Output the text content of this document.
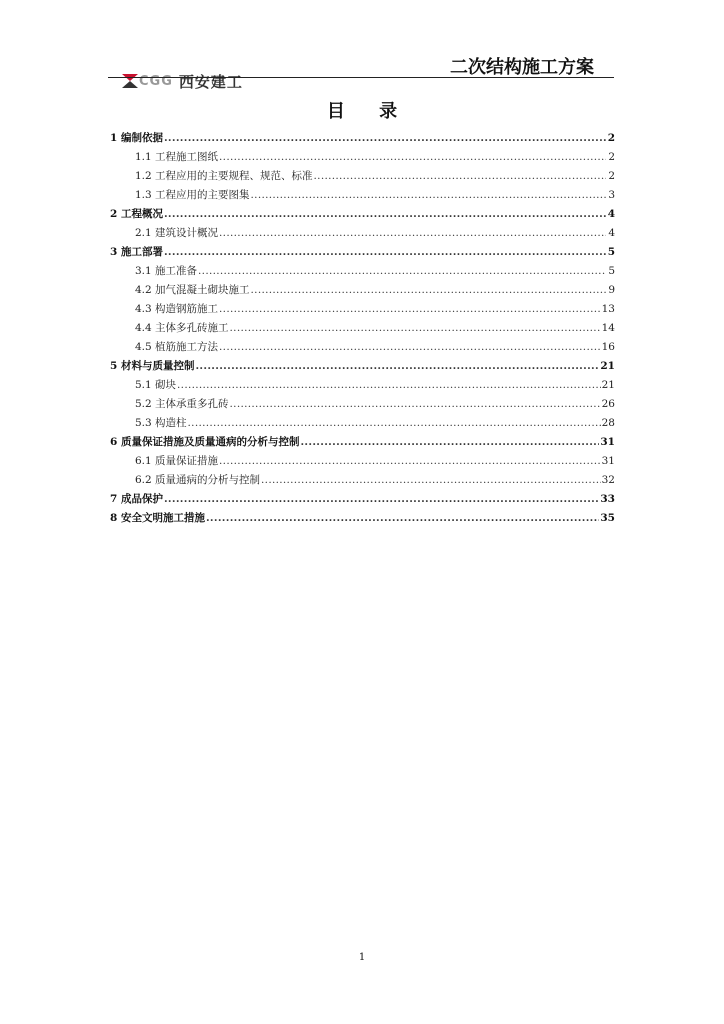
CGG 西安建工
二次结构施工方案
目 录
1 编制依据 .....	2
1.1 工程施工图纸 .....	2
1.2 工程应用的主要规程、规范、标准 .....	2
1.3 工程应用的主要图集 .....	3
2 工程概况 .....	4
2.1 建筑设计概况 .....	4
3 施工部署 .....	5
3.1 施工准备 .....	5
4.2 加气混凝土砌块施工 .....	9
4.3 构造钢筋施工 .....	13
4.4 主体多孔砖施工 .....	14
4.5 植筋施工方法 .....	16
5 材料与质量控制 .....	21
5.1 砌块 .....	21
5.2 主体承重多孔砖 .....	26
5.3 构造柱 .....	28
6 质量保证措施及质量通病的分析与控制 .....	31
6.1 质量保证措施 .....	31
6.2 质量通病的分析与控制 .....	32
7 成品保护 .....	33
8 安全文明施工措施 .....	35
1
